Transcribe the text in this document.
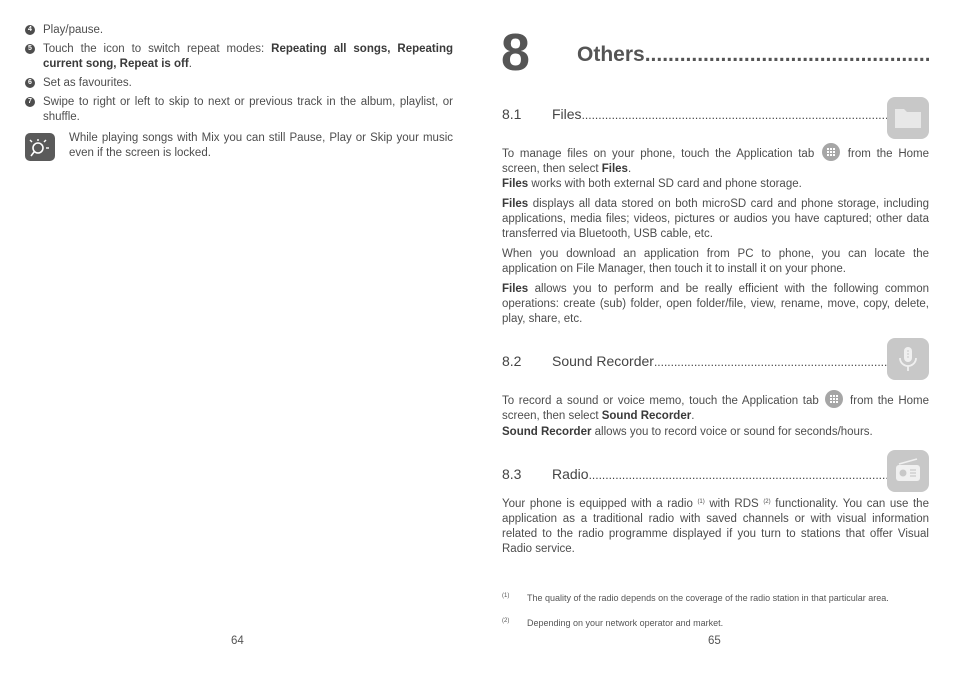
4 Play/pause.
5 Touch the icon to switch repeat modes: Repeating all songs, Repeating current song, Repeat is off.
6 Set as favourites.
7 Swipe to right or left to skip to next or previous track in the album, playlist, or shuffle.
While playing songs with Mix you can still Pause, Play or Skip your music even if the screen is locked.
64
8 Others .....
8.1 Files .....
To manage files on your phone, touch the Application tab  from the Home screen, then select Files.
Files works with both external SD card and phone storage.
Files displays all data stored on both microSD card and phone storage, including applications, media files; videos, pictures or audios you have captured; other data transferred via Bluetooth, USB cable, etc.
When you download an application from PC to phone, you can locate the application on File Manager, then touch it to install it on your phone.
Files allows you to perform and be really efficient with the following common operations: create (sub) folder, open folder/file, view, rename, move, copy, delete, play, share, etc.
8.2 Sound Recorder .....
To record a sound or voice memo, touch the Application tab  from the Home screen, then select Sound Recorder.
Sound Recorder allows you to record voice or sound for seconds/hours.
8.3 Radio .....
Your phone is equipped with a radio $^{(1)}$ with RDS $^{(2)}$ functionality. You can use the application as a traditional radio with saved channels or with visual information related to the radio programme displayed if you turn to stations that offer Visual Radio service.
(1) The quality of the radio depends on the coverage of the radio station in that particular area.
(2) Depending on your network operator and market.
65
